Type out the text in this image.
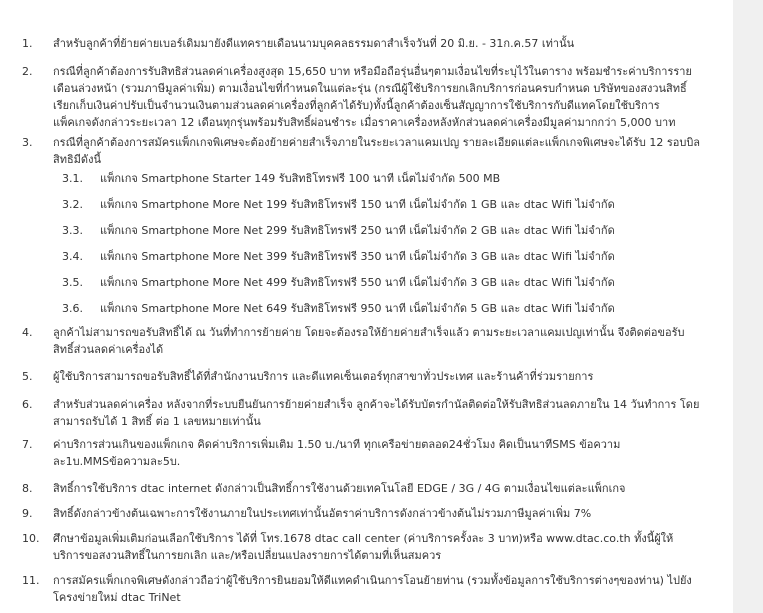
1.	สำหรับลูกค้าที่ย้ายค่ายเบอร์เดิมมายังดีแทครายเดือนนามบุคคลธรรมดาสำเร็จวันที่ 20 มิ.ย. - 31ก.ค.57 เท่านั้น
2.	กรณีที่ลูกค้าต้องการรับสิทธิส่วนลดค่าเครื่องสูงสุด 15,650 บาท หรือมือถือรุ่นอื่นๆตามเงื่อนไขที่ระบุไว้ในตาราง พร้อมชำระค่าบริการราย
เดือนล่วงหน้า (รวมภาษีมูลค่าเพิ่ม) ตามเงื่อนไขที่กำหนดในแต่ละรุ่น (กรณีผู้ใช้บริการยกเลิกบริการก่อนครบกำหนด บริษัทของสงวนสิทธิ์
เรียกเก็บเงินค่าปรับเป็นจำนวนเงินตามส่วนลดค่าเครื่องที่ลูกค้าได้รับ)ทั้งนี้ลูกค้าต้องเซ็นสัญญาการใช้บริการกับดีแทคโดยใช้บริการ
แพ็คเกจดังกล่าวระยะเวลา 12 เดือนทุกรุ่นพร้อมรับสิทธิ์ผ่อนชำระ เมื่อราคาเครื่องหลังหักส่วนลดค่าเครื่องมีมูลค่ามากกว่า 5,000 บาท
3.	กรณีที่ลูกค้าต้องการสมัครแพ็กเกจพิเศษจะต้องย้ายค่ายสำเร็จภายในระยะเวลาแคมเปญ รายละเอียดแต่ละแพ็กเกจพิเศษจะได้รับ 12 รอบบิล
สิทธิมีดังนี้
3.1. แพ็กเกจ Smartphone Starter 149 รับสิทธิโทรฟรี 100 นาที เน็ตไม่จำกัด 500 MB
3.2. แพ็กเกจ Smartphone More Net 199 รับสิทธิโทรฟรี 150 นาที เน็ตไม่จำกัด 1 GB และ dtac Wifi ไม่จำกัด
3.3. แพ็กเกจ Smartphone More Net 299 รับสิทธิโทรฟรี 250 นาที เน็ตไม่จำกัด 2 GB และ dtac Wifi ไม่จำกัด
3.4. แพ็กเกจ Smartphone More Net 399 รับสิทธิโทรฟรี 350 นาที เน็ตไม่จำกัด 3 GB และ dtac Wifi ไม่จำกัด
3.5. แพ็กเกจ Smartphone More Net 499 รับสิทธิโทรฟรี 550 นาที เน็ตไม่จำกัด 3 GB และ dtac Wifi ไม่จำกัด
3.6. แพ็กเกจ Smartphone More Net 649 รับสิทธิโทรฟรี 950 นาที เน็ตไม่จำกัด 5 GB และ dtac Wifi ไม่จำกัด
4.	ลูกค้าไม่สามารถขอรับสิทธิ์ได้ ณ วันที่ทำการย้ายค่าย โดยจะต้องรอให้ย้ายค่ายสำเร็จแล้ว ตามระยะเวลาแคมเปญเท่านั้น จึงติดต่อขอรับ
สิทธิ์ส่วนลดค่าเครื่องได้
5.	ผู้ใช้บริการสามารถขอรับสิทธิ์ได้ที่สำนักงานบริการ และดีแทคเซ็นเตอร์ทุกสาขาทั่วประเทศ และร้านค้าที่ร่วมรายการ
6.	สำหรับส่วนลดค่าเครื่อง หลังจากที่ระบบยืนยันการย้ายค่ายสำเร็จ ลูกค้าจะได้รับบัตรกำนัลติดต่อให้รับสิทธิส่วนลดภายใน 14 วันทำการ โดย
สามารถรับได้ 1 สิทธิ์ ต่อ 1 เลขหมายเท่านั้น
7.	ค่าบริการส่วนเกินของแพ็กเกจ คิดค่าบริการเพิ่มเติม 1.50 บ./นาที ทุกเครือข่ายตลอด24ชั่วโมง คิดเป็นนาทีSMS ข้อความ
ละ1บ.MMSข้อความละ5บ.
8.	สิทธิ์การใช้บริการ dtac internet ดังกล่าวเป็นสิทธิ์การใช้งานด้วยเทคโนโลยี EDGE / 3G / 4G ตามเงื่อนไขแต่ละแพ็กเกจ
9.	สิทธิ์ดังกล่าวข้างต้นเฉพาะการใช้งานภายในประเทศเท่านั้นอัตราค่าบริการดังกล่าวข้างต้นไม่รวมภาษีมูลค่าเพิ่ม 7%
10. ศึกษาข้อมูลเพิ่มเติมก่อนเลือกใช้บริการ ได้ที่ โทร.1678 dtac call center (ค่าบริการครั้งละ 3 บาท)หรือ www.dtac.co.th ทั้งนี้ผู้ให้
บริการขอสงวนสิทธิ์ในการยกเลิก และ/หรือเปลี่ยนแปลงรายการได้ตามที่เห็นสมควร
11. การสมัครแพ็กเกจพิเศษดังกล่าวถือว่าผู้ใช้บริการยินยอมให้ดีแทคดำเนินการโอนย้ายท่าน (รวมทั้งข้อมูลการใช้บริการต่างๆของท่าน) ไปยัง
โครงข่ายใหม่ dtac TriNet
